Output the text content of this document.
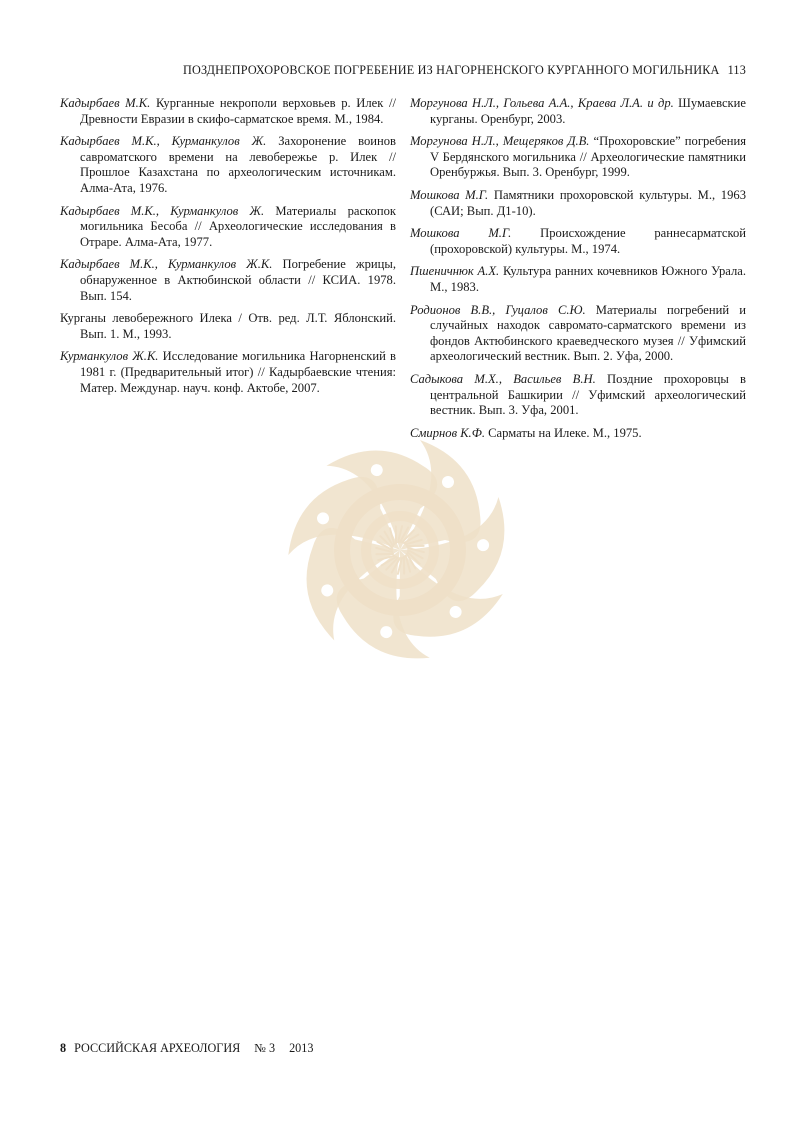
ПОЗДНЕПРОХОРОВСКОЕ ПОГРЕБЕНИЕ ИЗ НАГОРНЕНСКОГО КУРГАННОГО МОГИЛЬНИКА 113

Кадырбаев М.К. Курганные некрополи верховьев р. Илек // Древности Евразии в скифо-сарматское время. М., 1984.

Кадырбаев М.К., Курманкулов Ж. Захоронение воинов савроматского времени на левобережье р. Илек // Прошлое Казахстана по археологическим источникам. Алма-Ата, 1976.

Кадырбаев М.К., Курманкулов Ж. Материалы раскопок могильника Бесоба // Археологические исследования в Отраре. Алма-Ата, 1977.

Кадырбаев М.К., Курманкулов Ж.К. Погребение жрицы, обнаруженное в Актюбинской области // КСИА. 1978. Вып. 154.

Курганы левобережного Илека / Отв. ред. Л.Т. Яблонский. Вып. 1. М., 1993.

Курманкулов Ж.К. Исследование могильника Нагорненский в 1981 г. (Предварительный итог) // Кадырбаевские чтения: Матер. Междунар. науч. конф. Актобе, 2007.

Моргунова Н.Л., Гольева А.А., Краева Л.А. и др. Шумаевские курганы. Оренбург, 2003.

Моргунова Н.Л., Мещеряков Д.В. “Прохоровские” погребения V Бердянского могильника // Археологические памятники Оренбуржья. Вып. 3. Оренбург, 1999.

Мошкова М.Г. Памятники прохоровской культуры. М., 1963 (САИ; Вып. Д1-10).

Мошкова М.Г. Происхождение раннесарматской (прохоровской) культуры. М., 1974.

Пшеничнюк А.Х. Культура ранних кочевников Южного Урала. М., 1983.

Родионов В.В., Гуцалов С.Ю. Материалы погребений и случайных находок савромато-сарматского времени из фондов Актюбинского краеведческого музея // Уфимский археологический вестник. Вып. 2. Уфа, 2000.

Садыкова М.Х., Васильев В.Н. Поздние прохоровцы в центральной Башкирии // Уфимский археологический вестник. Вып. 3. Уфа, 2001.

Смирнов К.Ф. Сарматы на Илеке. М., 1975.

8 РОССИЙСКАЯ АРХЕОЛОГИЯ № 3 2013
